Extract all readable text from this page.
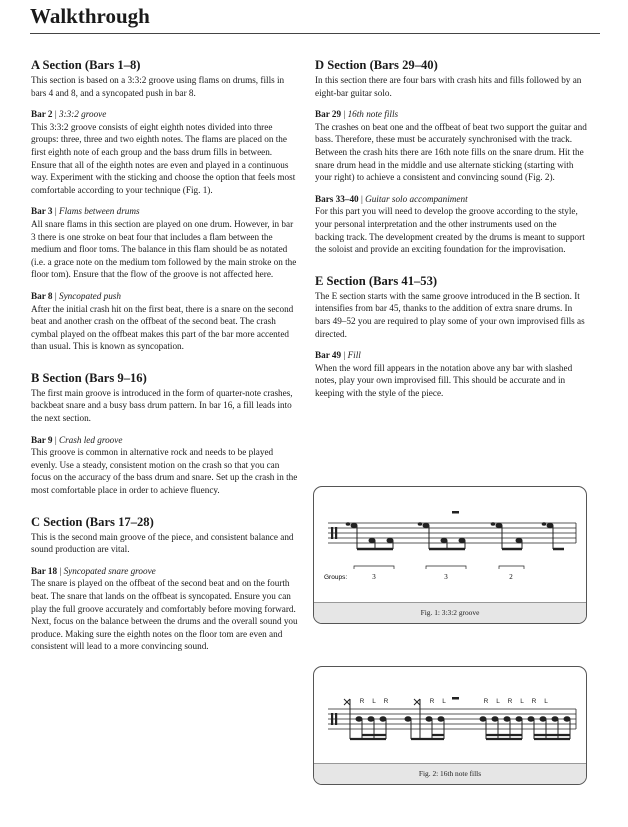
Walkthrough
A Section (Bars 1–8)

This section is based on a 3:3:2 groove using flams on drums, fills in bars 4 and 8, and a syncopated push in bar 8.

Bar 2 | 3:3:2 groove

This 3:3:2 groove consists of eight eighth notes divided into three groups: three, three and two eighth notes. The flams are placed on the first eighth note of each group and the bass drum fills in between. Ensure that all of the eighth notes are even and played in a continuous way. Experiment with the sticking and choose the option that feels most comfortable according to your technique (Fig. 1).

Bar 3 | Flams between drums

All snare flams in this section are played on one drum. However, in bar 3 there is one stroke on beat four that includes a flam between the medium and floor toms. The balance in this flam should be as notated (i.e. a grace note on the medium tom followed by the main stroke on the floor tom). Ensure that the flow of the groove is not affected here.

Bar 8 | Syncopated push

After the initial crash hit on the first beat, there is a snare on the second beat and another crash on the offbeat of the second beat. The crash cymbal played on the offbeat makes this part of the bar more accented than usual. This is known as syncopation.

B Section (Bars 9–16)

The first main groove is introduced in the form of quarter-note crashes, backbeat snare and a busy bass drum pattern. In bar 16, a fill leads into the next section.

Bar 9 | Crash led groove

This groove is common in alternative rock and needs to be played evenly. Use a steady, consistent motion on the crash so that you can focus on the accuracy of the bass drum and snare. Set up the crash in the most comfortable place in order to achieve fluency.

C Section (Bars 17–28)

This is the second main groove of the piece, and consistent balance and sound production are vital.

Bar 18 | Syncopated snare groove

The snare is played on the offbeat of the second beat and on the fourth beat. The snare that lands on the offbeat is syncopated. Ensure you can play the full groove accurately and comfortably before moving forward. Next, focus on the balance between the drums and the overall sound you produce. Making sure the eighth notes on the floor tom are even and consistent will lead to a more convincing sound.

D Section (Bars 29–40)

In this section there are four bars with crash hits and fills followed by an eight-bar guitar solo.

Bar 29 | 16th note fills

The crashes on beat one and the offbeat of beat two support the guitar and bass. Therefore, these must be accurately synchronised with the track. Between the crash hits there are 16th note fills on the snare drum. Hit the snare drum head in the middle and use alternate sticking (starting with your right) to achieve a consistent and convincing sound (Fig. 2).

Bars 33–40 | Guitar solo accompaniment

For this part you will need to develop the groove according to the style, your personal interpretation and the other instruments used on the backing track. The development created by the drums is meant to support the soloist and provide an exciting foundation for the improvisation.

E Section (Bars 41–53)

The E section starts with the same groove introduced in the B section. It intensifies from bar 45, thanks to the addition of extra snare drums. In bars 49–52 you are required to play some of your own improvised fills as directed.

Bar 49 | Fill

When the word fill appears in the notation above any bar with slashed notes, play your own improvised fill. This should be accurate and in keeping with the style of the piece.

Groups:	3	3	2
Fig. 1: 3:3:2 groove
R L R	R L	R L R L R L
Fig. 2: 16th note fills
